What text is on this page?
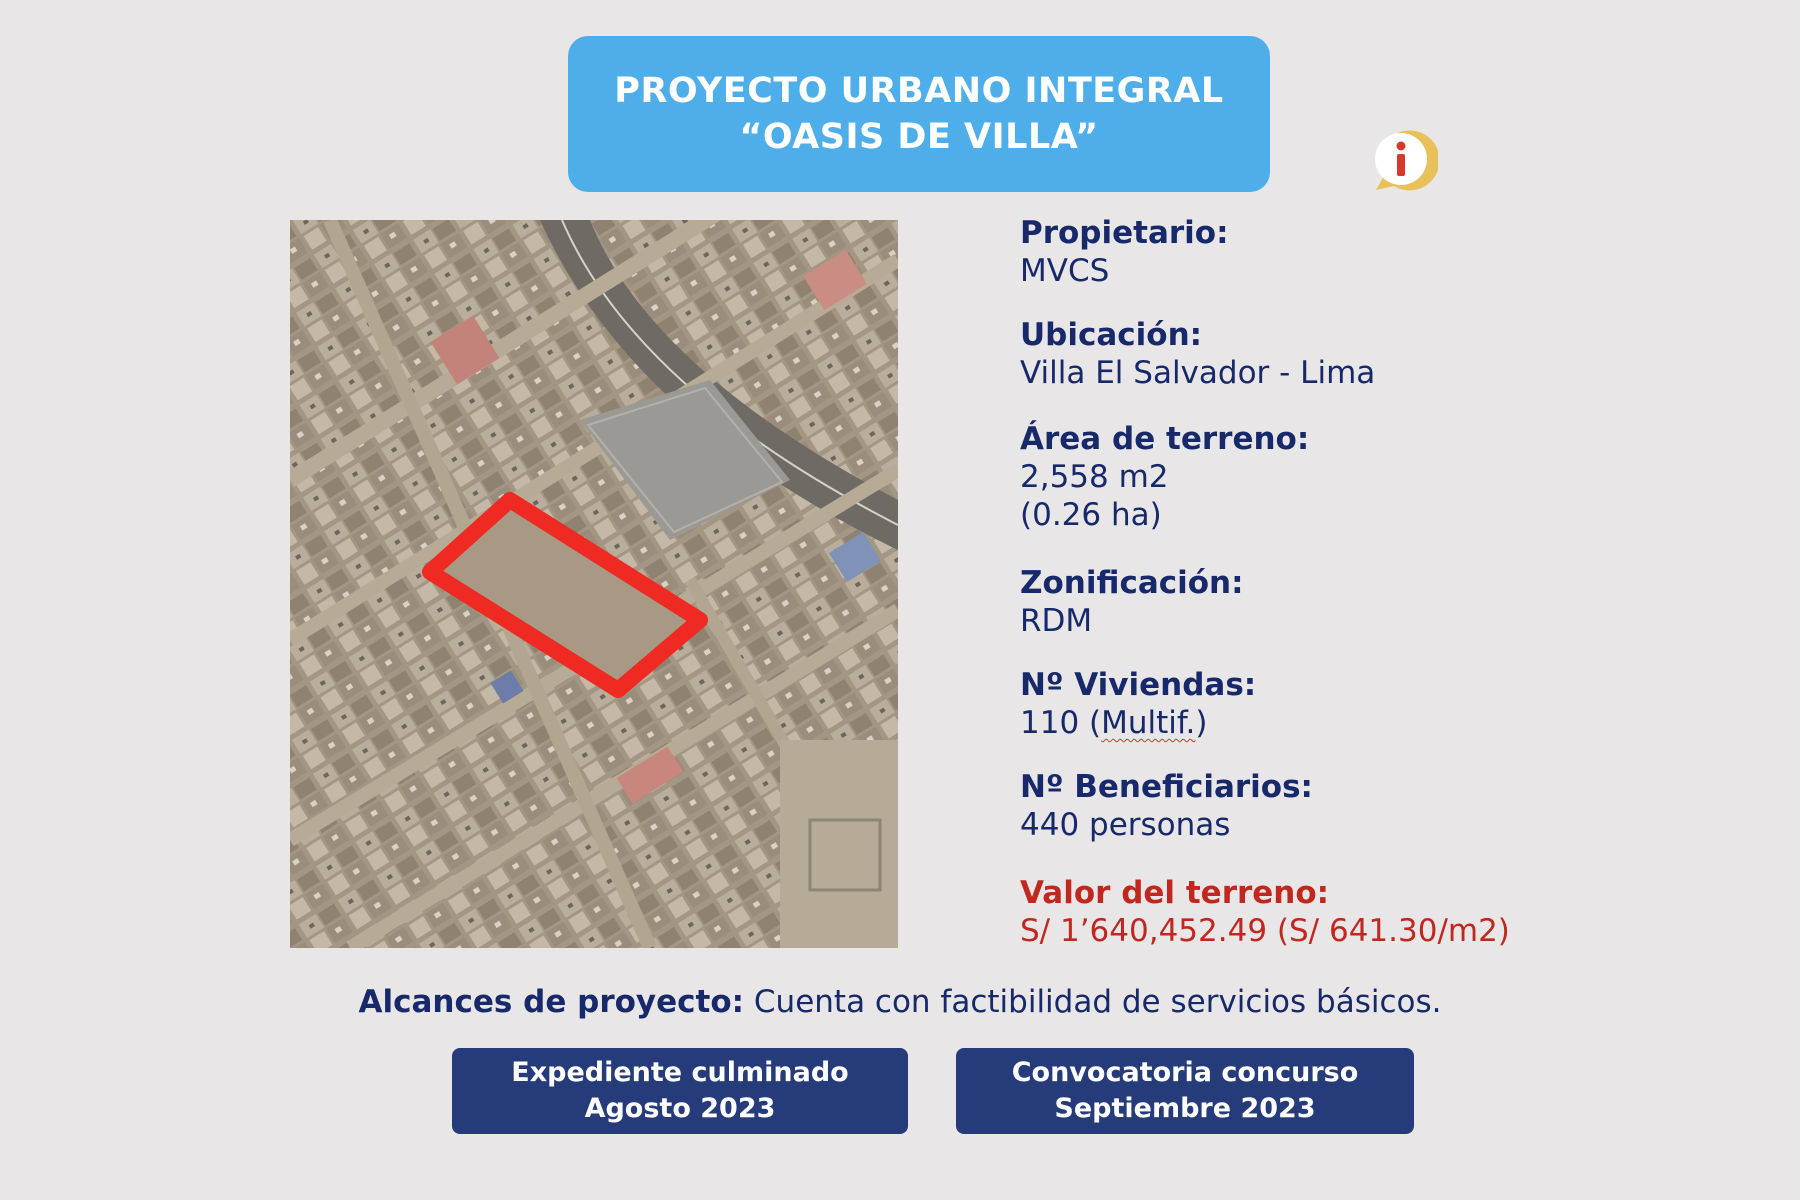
PROYECTO URBANO INTEGRAL
“OASIS DE VILLA”
Propietario:
MVCS
Ubicación:
Villa El Salvador - Lima
Área de terreno:
2,558 m2
(0.26 ha)
Zonificación:
RDM
Nº Viviendas:
110 (Multif.)
Nº Beneficiarios:
440 personas
Valor del terreno:
S/ 1’640,452.49 (S/ 641.30/m2)
Alcances de proyecto: Cuenta con factibilidad de servicios básicos.
Expediente culminado
Agosto 2023
Convocatoria concurso
Septiembre 2023
